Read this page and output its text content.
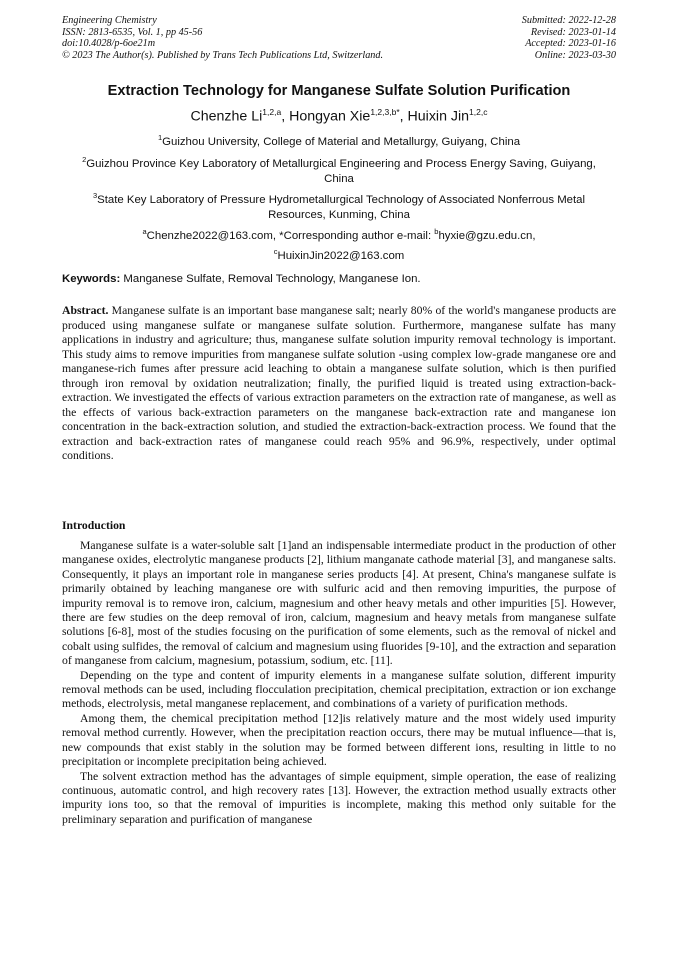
Engineering Chemistry
ISSN: 2813-6535, Vol. 1, pp 45-56
doi:10.4028/p-6oe21m
© 2023 The Author(s). Published by Trans Tech Publications Ltd, Switzerland.
Submitted: 2022-12-28
Revised: 2023-01-14
Accepted: 2023-01-16
Online: 2023-03-30
Extraction Technology for Manganese Sulfate Solution Purification
Chenzhe Li$^{1,2,a}$, Hongyan Xie$^{1,2,3,b*}$, Huixin Jin$^{1,2,c}$
$^1$Guizhou University, College of Material and Metallurgy, Guiyang, China
$^2$Guizhou Province Key Laboratory of Metallurgical Engineering and Process Energy Saving, Guiyang, China
$^3$State Key Laboratory of Pressure Hydrometallurgical Technology of Associated Nonferrous Metal Resources, Kunming, China
$^a$Chenzhe2022@163.com, *Corresponding author e-mail: $^b$hyxie@gzu.edu.cn,
$^c$HuixinJin2022@163.com
Keywords: Manganese Sulfate, Removal Technology, Manganese Ion.

Abstract. Manganese sulfate is an important base manganese salt; nearly 80% of the world's manganese products are produced using manganese sulfate or manganese sulfate solution. Furthermore, manganese sulfate has many applications in industry and agriculture; thus, manganese sulfate solution impurity removal technology is important. This study aims to remove impurities from manganese sulfate solution -using complex low-grade manganese ore and manganese-rich fumes after pressure acid leaching to obtain a manganese sulfate solution, which is then purified through iron removal by oxidation neutralization; finally, the purified liquid is treated using extraction-back-extraction. We investigated the effects of various extraction parameters on the extraction rate of manganese, as well as the effects of various back-extraction parameters on the manganese back-extraction rate and manganese ion concentration in the back-extraction solution, and studied the extraction-back-extraction process. We found that the extraction and back-extraction rates of manganese could reach 95% and 96.9%, respectively, under optimal conditions.

Introduction

Manganese sulfate is a water-soluble salt [1]and an indispensable intermediate product in the production of other manganese oxides, electrolytic manganese products [2], lithium manganate cathode material [3], and manganese salts. Consequently, it plays an important role in manganese series products [4]. At present, China's manganese sulfate is primarily obtained by leaching manganese ore with sulfuric acid and then removing impurities, the purpose of impurity removal is to remove iron, calcium, magnesium and other heavy metals and other impurities [5]. However, there are few studies on the deep removal of iron, calcium, magnesium and heavy metals from manganese sulfate solutions [6-8], most of the studies focusing on the purification of some elements, such as the removal of nickel and cobalt using sulfides, the removal of calcium and magnesium using fluorides [9-10], and the extraction and separation of manganese from calcium, magnesium, potassium, sodium, etc. [11].

Depending on the type and content of impurity elements in a manganese sulfate solution, different impurity removal methods can be used, including flocculation precipitation, chemical precipitation, extraction or ion exchange methods, electrolysis, metal manganese replacement, and combinations of a variety of purification methods.

Among them, the chemical precipitation method [12]is relatively mature and the most widely used impurity removal method currently. However, when the precipitation reaction occurs, there may be mutual influence—that is, new compounds that exist stably in the solution may be formed between different ions, resulting in little to no precipitation or incomplete precipitation being achieved.

The solvent extraction method has the advantages of simple equipment, simple operation, the ease of realizing continuous, automatic control, and high recovery rates [13]. However, the extraction method usually extracts other impurity ions too, so that the removal of impurities is incomplete, making this method only suitable for the preliminary separation and purification of manganese
